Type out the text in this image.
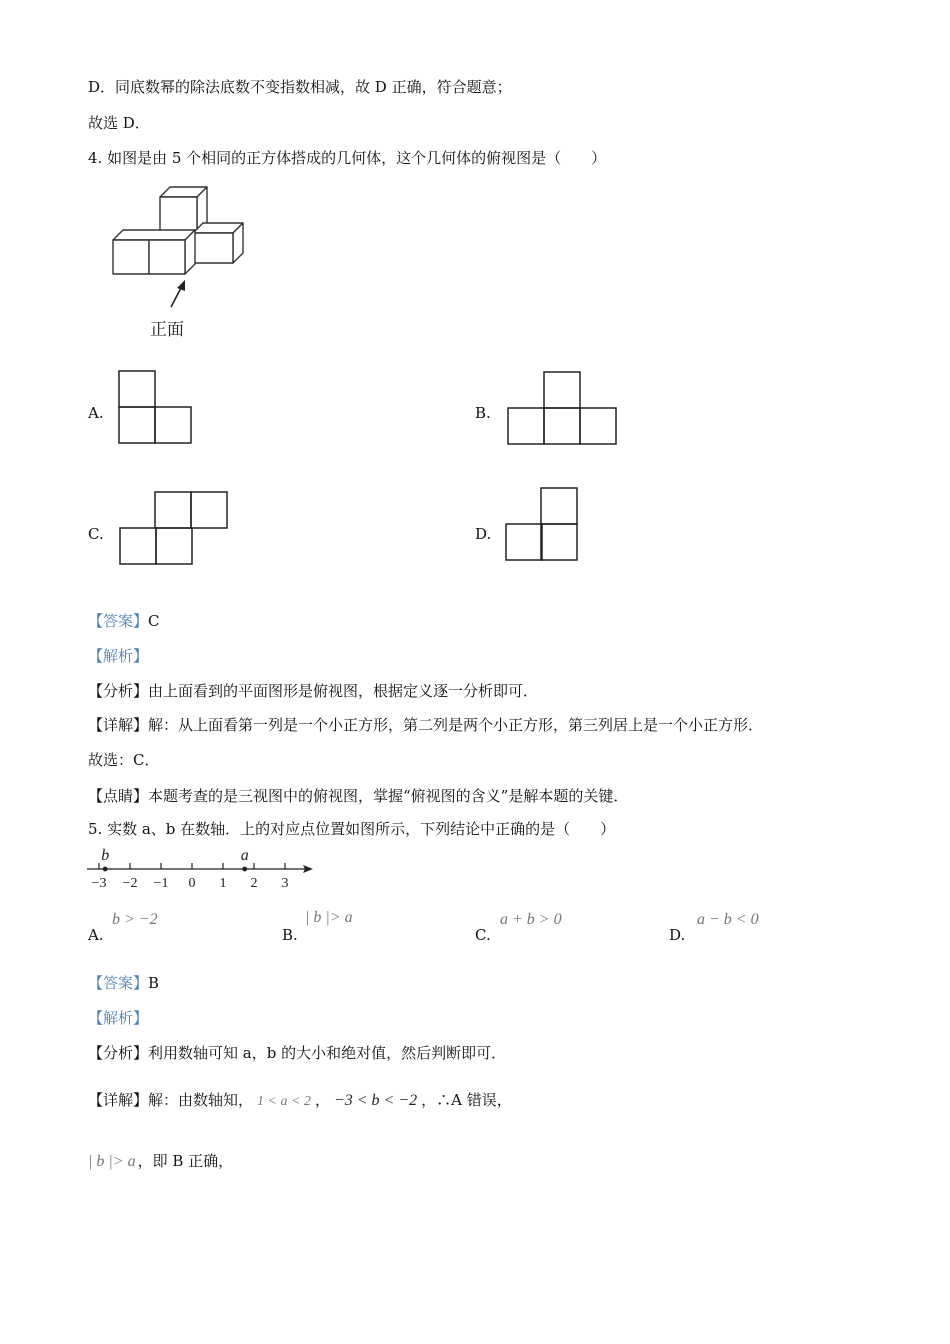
D．同底数幂的除法底数不变指数相减，故 D 正确，符合题意；
故选 D．
4. 如图是由 5 个相同的正方体搭成的几何体，这个几何体的俯视图是（　　）
正面
A.	B.
C.	D.
【答案】C
【解析】
【分析】由上面看到的平面图形是俯视图，根据定义逐一分析即可．
【详解】解：从上面看第一列是一个小正方形，第二列是两个小正方形，第三列居上是一个小正方形．
故选：C．
【点睛】本题考查的是三视图中的俯视图，掌握“俯视图的含义”是解本题的关键．
5. 实数 a、b 在数轴．上的对应点位置如图所示，下列结论中正确的是（　　）
−3 −2 −1 0 1 2 3
b	a
A.
b > −2
B.
| b |> a
C.
a + b > 0
D.
a − b < 0
【答案】B
【解析】
【分析】利用数轴可知 a，b 的大小和绝对值，然后判断即可．
【详解】解：由数轴知， 1 < a < 2 ， −3 < b < −2 ，∴A 错误，
| b |> a ，即 B 正确，
